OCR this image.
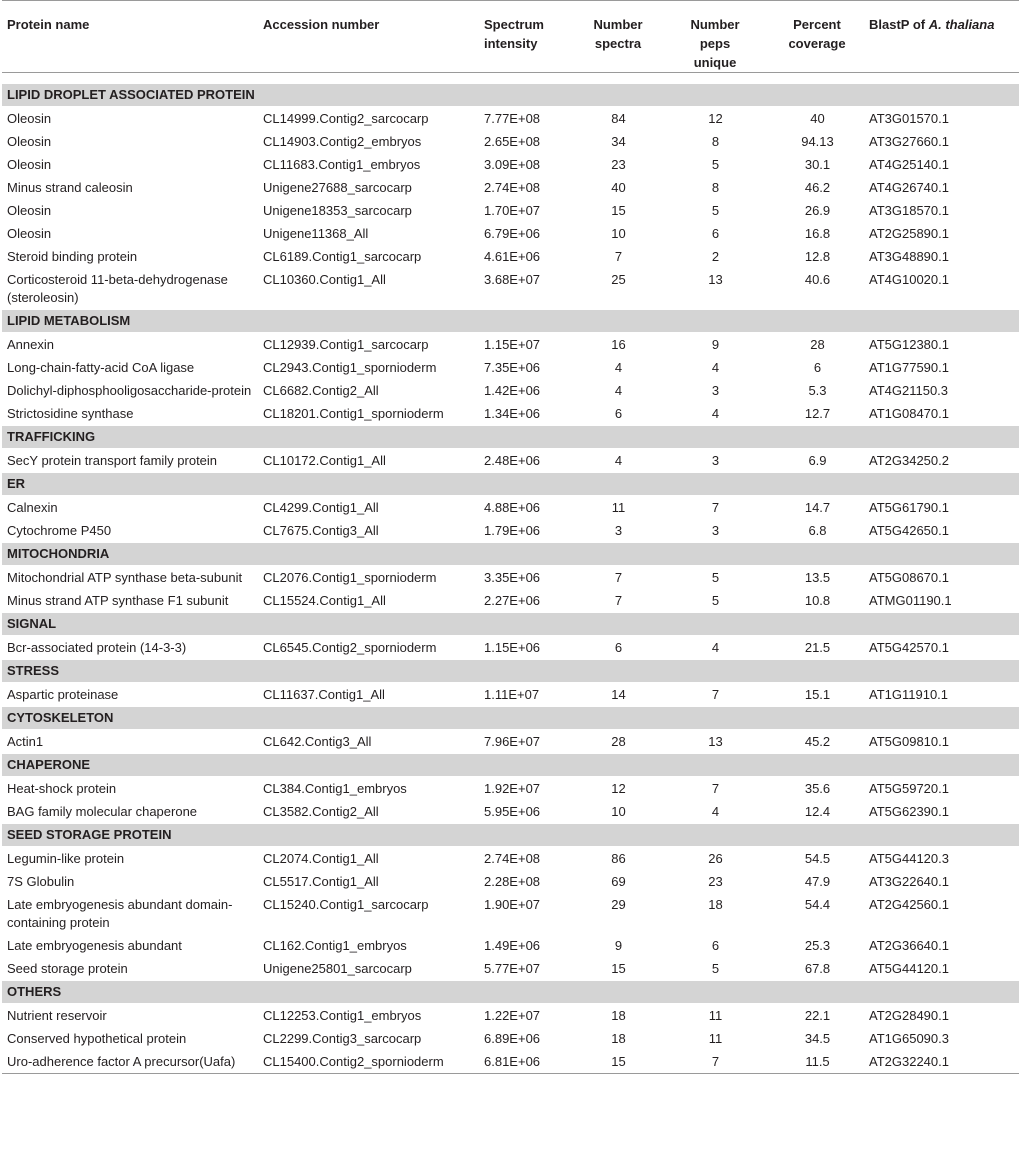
Protein name	Accession number	Spectrum intensity	Number spectra	Number peps unique	Percent coverage	BlastP of A. thaliana

LIPID DROPLET ASSOCIATED PROTEIN						
Oleosin	CL14999.Contig2_sarcocarp	7.77E+08	84	12	40	AT3G01570.1
Oleosin	CL14903.Contig2_embryos	2.65E+08	34	8	94.13	AT3G27660.1
Oleosin	CL11683.Contig1_embryos	3.09E+08	23	5	30.1	AT4G25140.1
Minus strand caleosin	Unigene27688_sarcocarp	2.74E+08	40	8	46.2	AT4G26740.1
Oleosin	Unigene18353_sarcocarp	1.70E+07	15	5	26.9	AT3G18570.1
Oleosin	Unigene11368_All	6.79E+06	10	6	16.8	AT2G25890.1
Steroid binding protein	CL6189.Contig1_sarcocarp	4.61E+06	7	2	12.8	AT3G48890.1
Corticosteroid 11-beta-dehydrogenase (steroleosin)	CL10360.Contig1_All	3.68E+07	25	13	40.6	AT4G10020.1
LIPID METABOLISM						
Annexin	CL12939.Contig1_sarcocarp	1.15E+07	16	9	28	AT5G12380.1
Long-chain-fatty-acid CoA ligase	CL2943.Contig1_spornioderm	7.35E+06	4	4	6	AT1G77590.1
Dolichyl-diphosphooligosaccharide-protein	CL6682.Contig2_All	1.42E+06	4	3	5.3	AT4G21150.3
Strictosidine synthase	CL18201.Contig1_spornioderm	1.34E+06	6	4	12.7	AT1G08470.1
TRAFFICKING						
SecY protein transport family protein	CL10172.Contig1_All	2.48E+06	4	3	6.9	AT2G34250.2
ER						
Calnexin	CL4299.Contig1_All	4.88E+06	11	7	14.7	AT5G61790.1
Cytochrome P450	CL7675.Contig3_All	1.79E+06	3	3	6.8	AT5G42650.1
MITOCHONDRIA						
Mitochondrial ATP synthase beta-subunit	CL2076.Contig1_spornioderm	3.35E+06	7	5	13.5	AT5G08670.1
Minus strand ATP synthase F1 subunit	CL15524.Contig1_All	2.27E+06	7	5	10.8	ATMG01190.1
SIGNAL						
Bcr-associated protein (14-3-3)	CL6545.Contig2_spornioderm	1.15E+06	6	4	21.5	AT5G42570.1
STRESS						
Aspartic proteinase	CL11637.Contig1_All	1.11E+07	14	7	15.1	AT1G11910.1
CYTOSKELETON						
Actin1	CL642.Contig3_All	7.96E+07	28	13	45.2	AT5G09810.1
CHAPERONE						
Heat-shock protein	CL384.Contig1_embryos	1.92E+07	12	7	35.6	AT5G59720.1
BAG family molecular chaperone	CL3582.Contig2_All	5.95E+06	10	4	12.4	AT5G62390.1
SEED STORAGE PROTEIN						
Legumin-like protein	CL2074.Contig1_All	2.74E+08	86	26	54.5	AT5G44120.3
7S Globulin	CL5517.Contig1_All	2.28E+08	69	23	47.9	AT3G22640.1
Late embryogenesis abundant domain-containing protein	CL15240.Contig1_sarcocarp	1.90E+07	29	18	54.4	AT2G42560.1
Late embryogenesis abundant	CL162.Contig1_embryos	1.49E+06	9	6	25.3	AT2G36640.1
Seed storage protein	Unigene25801_sarcocarp	5.77E+07	15	5	67.8	AT5G44120.1
OTHERS						
Nutrient reservoir	CL12253.Contig1_embryos	1.22E+07	18	11	22.1	AT2G28490.1
Conserved hypothetical protein	CL2299.Contig3_sarcocarp	6.89E+06	18	11	34.5	AT1G65090.3
Uro-adherence factor A precursor(Uafa)	CL15400.Contig2_spornioderm	6.81E+06	15	7	11.5	AT2G32240.1
